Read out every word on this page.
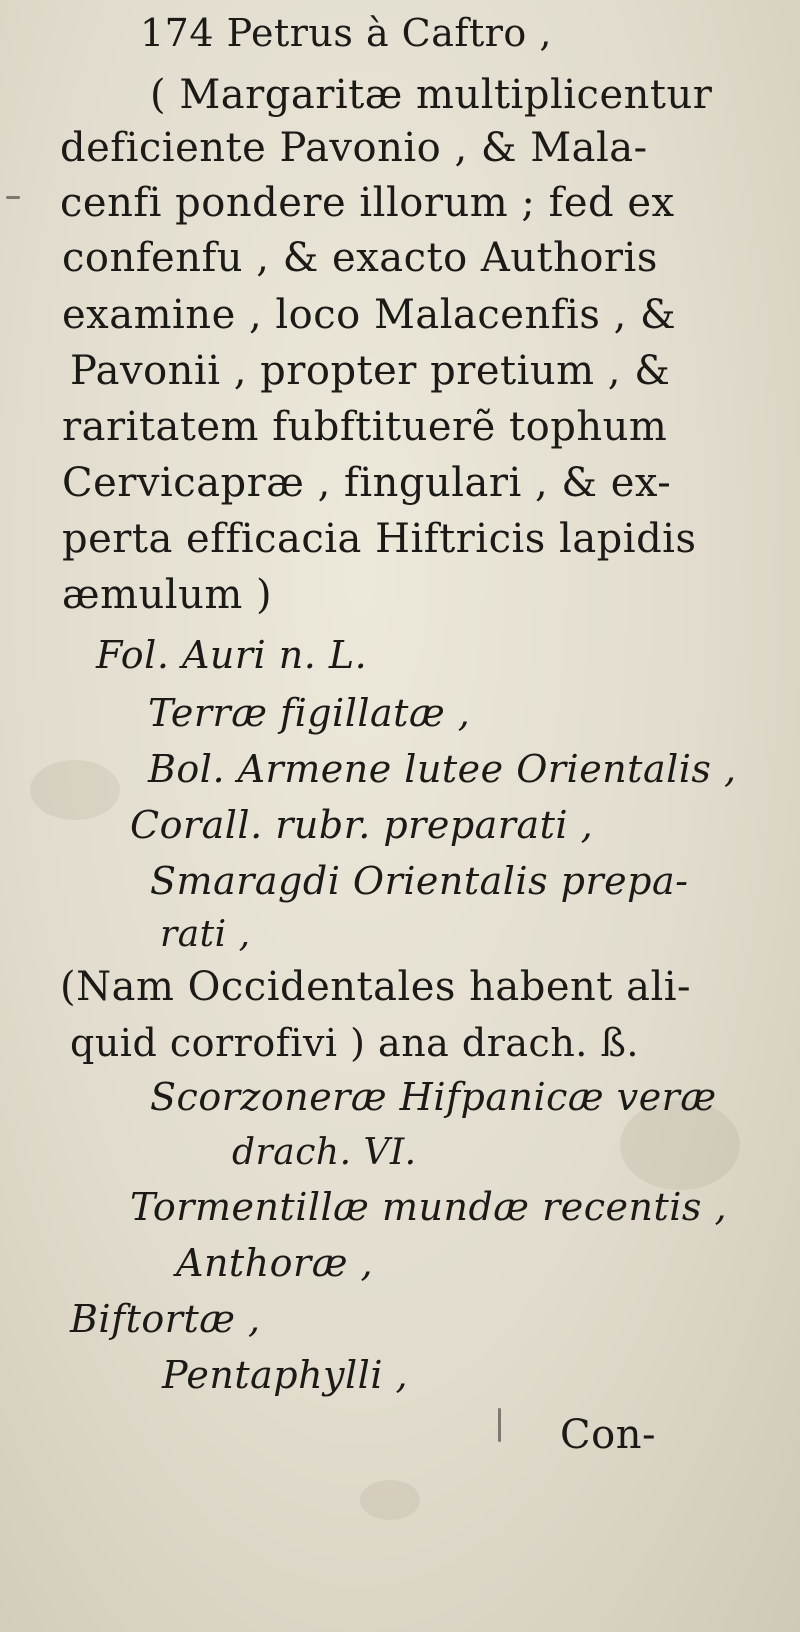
174 Petrus à Caftro ,
( Margaritæ multiplicentur
deficiente Pavonio , & Mala-
cenfi pondere illorum ; fed ex
confenfu , & exacto Authoris
examine , loco Malacenfis , &
Pavonii , propter pretium , &
raritatem fubftituerẽ tophum
Cervicapræ , fingulari , & ex-
perta efficacia Hiftricis lapidis
æmulum )
Fol. Auri n. L.
Terræ figillatæ ,
Bol. Armene lutee Orientalis ,
Corall. rubr. preparati ,
Smaragdi Orientalis prepa-
rati ,
(Nam Occidentales habent ali-
quid corrofivi ) ana drach. ß.
Scorzoneræ Hifpanicæ veræ
drach. VI.
Tormentillæ mundæ recentis ,
Anthoræ ,
Biftortæ ,
Pentaphylli ,
Con-
